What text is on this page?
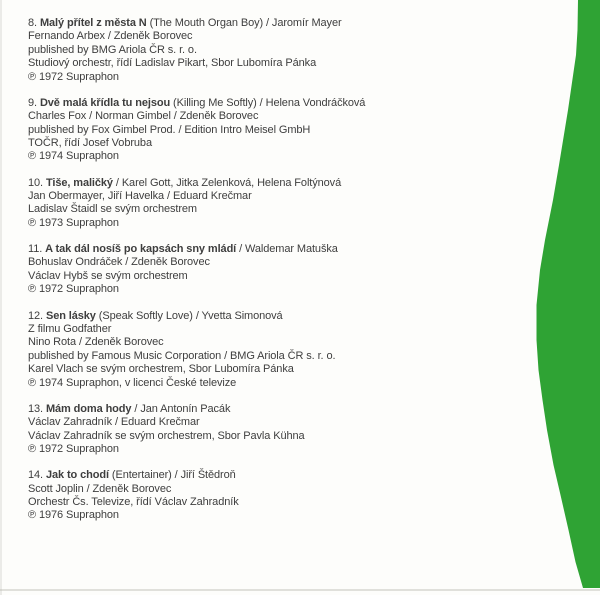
8. Malý přítel z města N (The Mouth Organ Boy) / Jaromír Mayer
Fernando Arbex / Zdeněk Borovec
published by BMG Ariola ČR s. r. o.
Studiový orchestr, řídí Ladislav Pikart, Sbor Lubomíra Pánka
℗ 1972 Supraphon
9. Dvě malá křídla tu nejsou (Killing Me Softly) / Helena Vondráčková
Charles Fox / Norman Gimbel / Zdeněk Borovec
published by Fox Gimbel Prod. / Edition Intro Meisel GmbH
TOČR, řídí Josef Vobruba
℗ 1974 Supraphon
10. Tiše, maličký / Karel Gott, Jitka Zelenková, Helena Foltýnová
Jan Obermayer, Jiří Havelka / Eduard Krečmar
Ladislav Štaidl se svým orchestrem
℗ 1973 Supraphon
11. A tak dál nosíš po kapsách sny mládí / Waldemar Matuška
Bohuslav Ondráček / Zdeněk Borovec
Václav Hybš se svým orchestrem
℗ 1972 Supraphon
12. Sen lásky (Speak Softly Love) / Yvetta Simonová
Z filmu Godfather
Nino Rota / Zdeněk Borovec
published by Famous Music Corporation / BMG Ariola ČR s. r. o.
Karel Vlach se svým orchestrem, Sbor Lubomíra Pánka
℗ 1974 Supraphon, v licenci České televize
13. Mám doma hody / Jan Antonín Pacák
Václav Zahradník / Eduard Krečmar
Václav Zahradník se svým orchestrem, Sbor Pavla Kühna
℗ 1972 Supraphon
14. Jak to chodí (Entertainer) / Jiří Štědroň
Scott Joplin / Zdeněk Borovec
Orchestr Čs. Televize, řídí Václav Zahradník
℗ 1976 Supraphon
